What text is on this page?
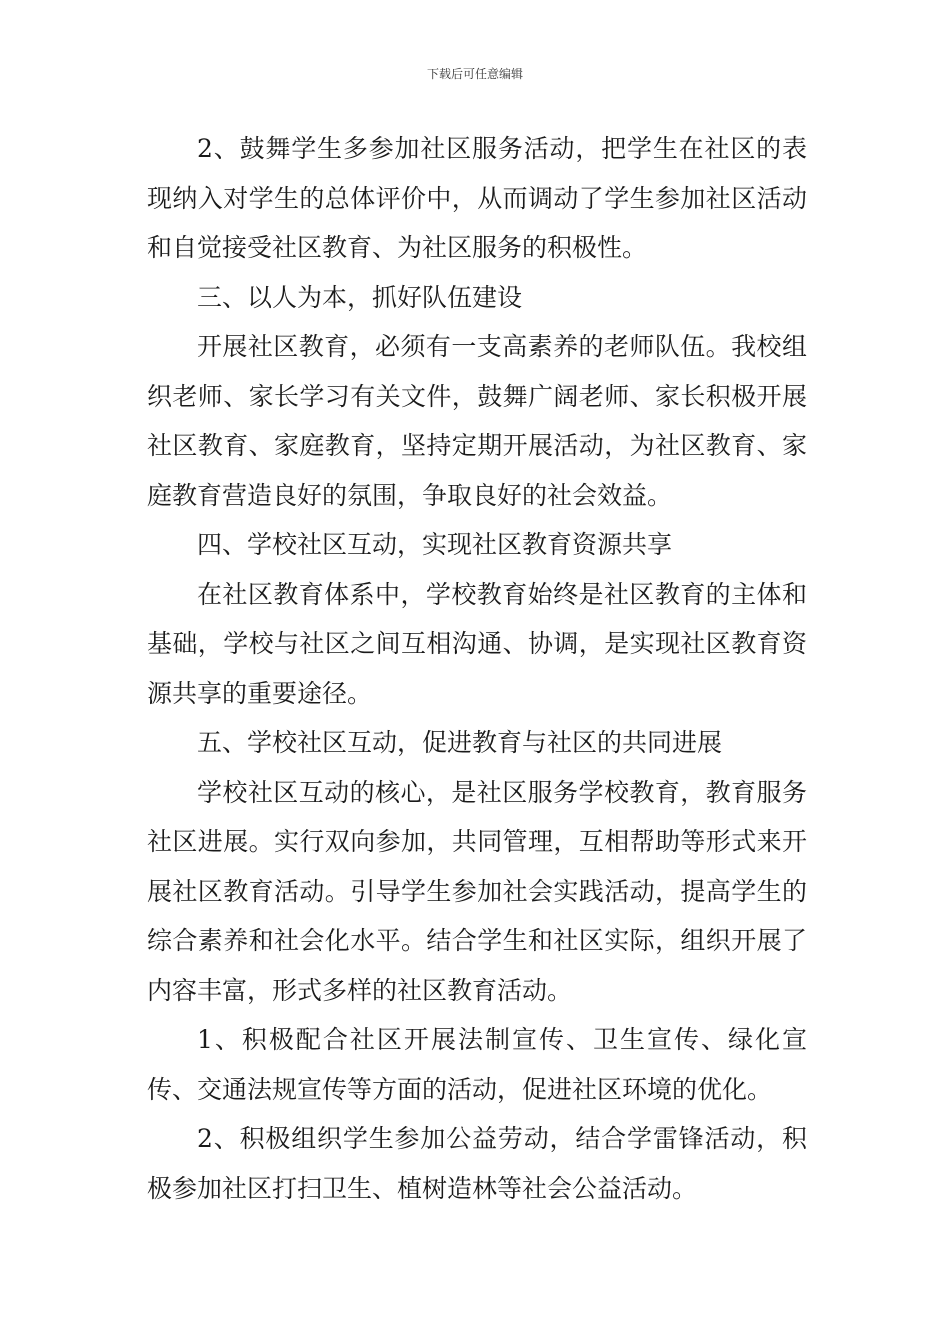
下载后可任意编辑

2、鼓舞学生多参加社区服务活动，把学生在社区的表现纳入对学生的总体评价中，从而调动了学生参加社区活动和自觉接受社区教育、为社区服务的积极性。

三、以人为本，抓好队伍建设

开展社区教育，必须有一支高素养的老师队伍。我校组织老师、家长学习有关文件，鼓舞广阔老师、家长积极开展社区教育、家庭教育，坚持定期开展活动，为社区教育、家庭教育营造良好的氛围，争取良好的社会效益。

四、学校社区互动，实现社区教育资源共享

在社区教育体系中，学校教育始终是社区教育的主体和基础，学校与社区之间互相沟通、协调，是实现社区教育资源共享的重要途径。

五、学校社区互动，促进教育与社区的共同进展

学校社区互动的核心，是社区服务学校教育，教育服务社区进展。实行双向参加，共同管理，互相帮助等形式来开展社区教育活动。引导学生参加社会实践活动，提高学生的综合素养和社会化水平。结合学生和社区实际，组织开展了内容丰富，形式多样的社区教育活动。

1、积极配合社区开展法制宣传、卫生宣传、绿化宣传、交通法规宣传等方面的活动，促进社区环境的优化。

2、积极组织学生参加公益劳动，结合学雷锋活动，积极参加社区打扫卫生、植树造林等社会公益活动。
